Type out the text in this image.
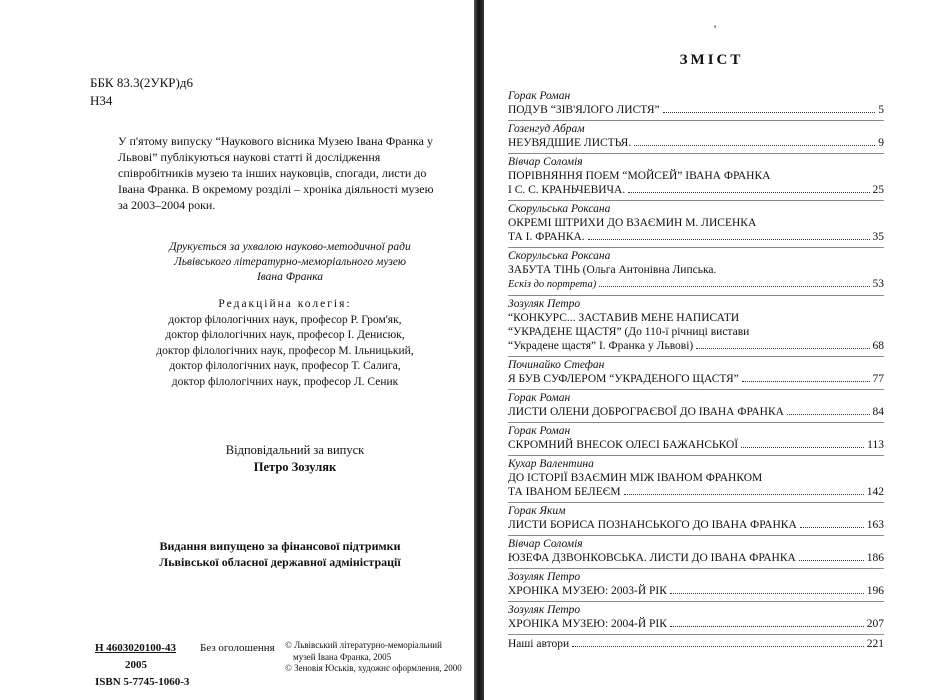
ББК 83.3(2УКР)д6
Н34

У п'ятому випуску “Наукового вісника Музею Івана Франка у Львові” публікуються наукові статті й дослідження співробітників музею та інших науковців, спогади, листи до Івана Франка. В окремому розділі – хроніка діяльності музею за 2003–2004 роки.

Друкується за ухвалою науково-методичної ради
Львівського літературно-меморіального музею
Івана Франка
Редакційна колегія:
доктор філологічних наук, професор Р. Гром'як,
доктор філологічних наук, професор І. Денисюк,
доктор філологічних наук, професор М. Ільницький,
доктор філологічних наук, професор Т. Салига,
доктор філологічних наук, професор Л. Сеник
Відповідальний за випуск
Петро Зозуляк
Видання випущено за фінансової підтримки
Львівської обласної державної адміністрації
Н 4603020100-43 Без оголошення
2005
ISBN 5-7745-1060-3
© Львівський літературно-меморіальний
музей Івана Франка, 2005
© Зеновія Юськів, художнє оформлення, 2000
'
ЗМІСТ
Горак Роман
ПОДУВ “ЗІВ'ЯЛОГО ЛИСТЯ”	5
Гозенгуд Абрам
НЕУВЯДШИЕ ЛИСТЬЯ.	9
Вівчар Соломія
ПОРІВНЯННЯ ПОЕМ “МОЙСЕЙ” ІВАНА ФРАНКА
І С. С. КРАНЬЧЕВИЧА.	25
Скорульська Роксана
ОКРЕМІ ШТРИХИ ДО ВЗАЄМИН М. ЛИСЕНКА
ТА І. ФРАНКА.	35
Скорульська Роксана
ЗАБУТА ТІНЬ (Ольга Антонівна Липська.
Ескіз до портрета)	53
Зозуляк Петро
“КОНКУРС... ЗАСТАВИВ МЕНЕ НАПИСАТИ
“УКРАДЕНЕ ЩАСТЯ” (До 110-ї річниці вистави
“Украдене щастя” І. Франка у Львові)	68
Починайко Стефан
Я БУВ СУФЛЕРОМ “УКРАДЕНОГО ЩАСТЯ”	77
Горак Роман
ЛИСТИ ОЛЕНИ ДОБРОГРАЄВОЇ ДО ІВАНА ФРАНКА	84
Горак Роман
СКРОМНИЙ ВНЕСОК ОЛЕСІ БАЖАНСЬКОЇ	113
Кухар Валентина
ДО ІСТОРІЇ ВЗАЄМИН МІЖ ІВАНОМ ФРАНКОМ
ТА ІВАНОМ БЕЛЕЄМ	142
Горак Яким
ЛИСТИ БОРИСА ПОЗНАНСЬКОГО ДО ІВАНА ФРАНКА	163
Вівчар Соломія
ЮЗЕФА ДЗВОНКОВСЬКА. ЛИСТИ ДО ІВАНА ФРАНКА	186
Зозуляк Петро
ХРОНІКА МУЗЕЮ: 2003-Й РІК	196
Зозуляк Петро
ХРОНІКА МУЗЕЮ: 2004-Й РІК	207
Наші автори	221
